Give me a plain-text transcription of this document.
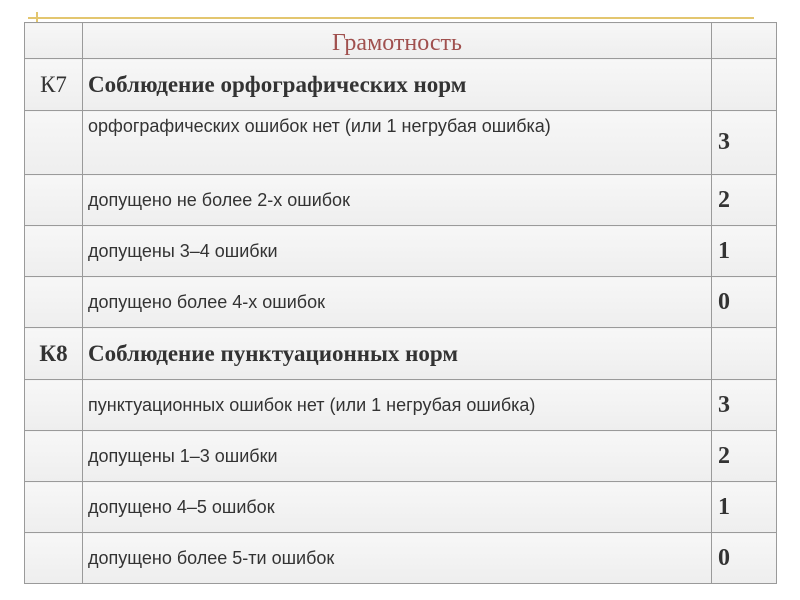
	Грамотность	
К7	Соблюдение орфографических норм	
	орфографических ошибок нет (или 1 негрубая ошибка)	3
	допущено не более 2-х ошибок	2
	допущены 3–4 ошибки	1
	допущено более 4-х ошибок	0
К8	Соблюдение пунктуационных норм	
	пунктуационных ошибок нет (или 1 негрубая ошибка)	3
	допущены 1–3 ошибки	2
	допущено 4–5 ошибок	1
	допущено более 5-ти ошибок	0
